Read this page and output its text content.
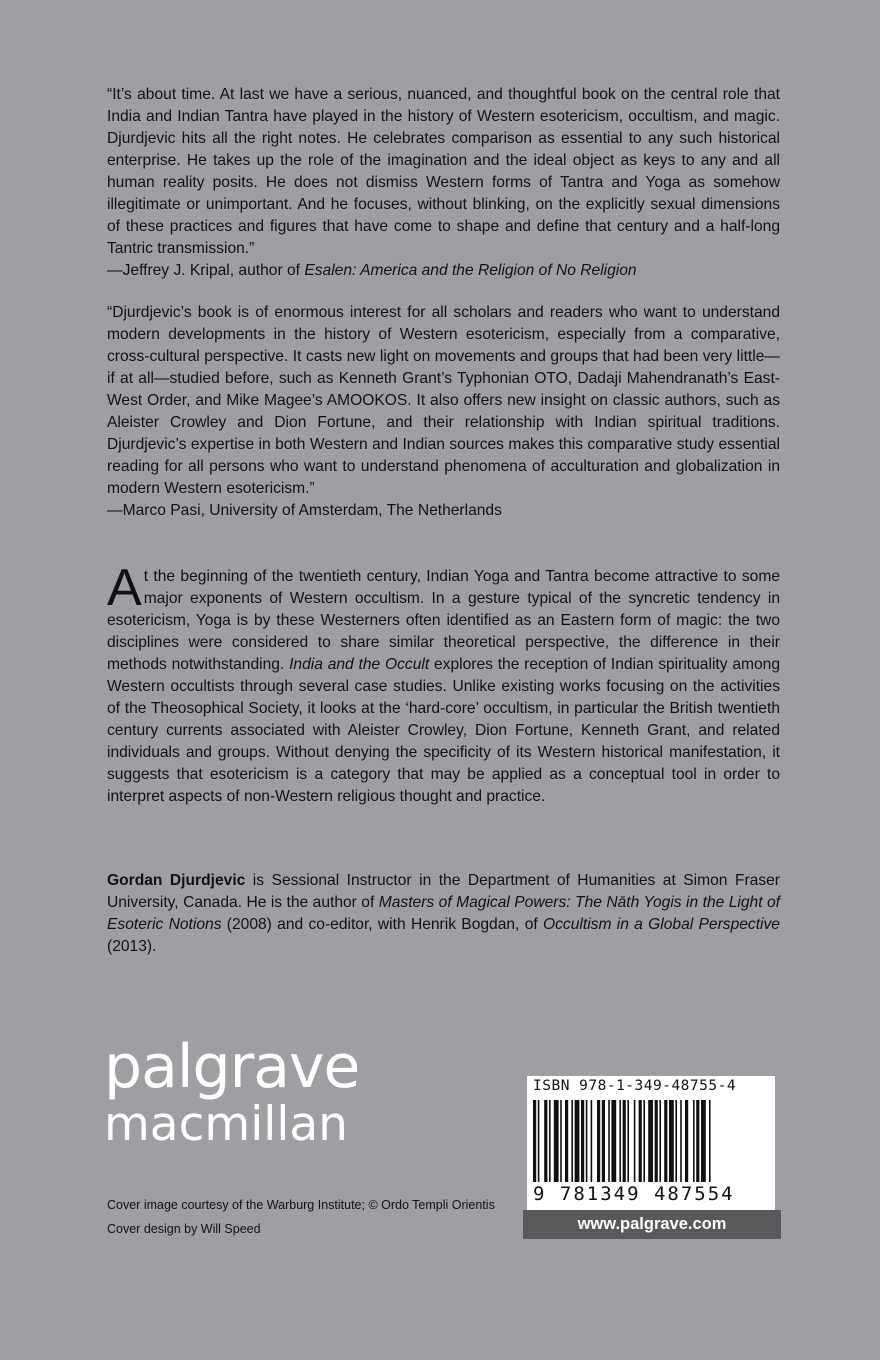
“It’s about time. At last we have a serious, nuanced, and thoughtful book on the central role that India and Indian Tantra have played in the history of Western esotericism, occultism, and magic. Djurdjevic hits all the right notes. He celebrates comparison as essential to any such historical enterprise. He takes up the role of the imagination and the ideal object as keys to any and all human reality posits. He does not dismiss Western forms of Tantra and Yoga as somehow illegitimate or unimportant. And he focuses, without blinking, on the explicitly sexual dimensions of these practices and figures that have come to shape and define that century and a half-long Tantric transmission.”

—Jeffrey J. Kripal, author of Esalen: America and the Religion of No Religion

“Djurdjevic’s book is of enormous interest for all scholars and readers who want to understand modern developments in the history of Western esotericism, especially from a comparative, cross-cultural perspective. It casts new light on movements and groups that had been very little—if at all—studied before, such as Kenneth Grant’s Typhonian OTO, Dadaji Mahendranath’s East-West Order, and Mike Magee’s AMOOKOS. It also offers new insight on classic authors, such as Aleister Crowley and Dion Fortune, and their relationship with Indian spiritual traditions. Djurdjevic’s expertise in both Western and Indian sources makes this comparative study essential reading for all persons who want to understand phenomena of acculturation and globalization in modern Western esotericism.”

—Marco Pasi, University of Amsterdam, The Netherlands

At the beginning of the twentieth century, Indian Yoga and Tantra become attractive to some major exponents of Western occultism. In a gesture typical of the syncretic tendency in esotericism, Yoga is by these Westerners often identified as an Eastern form of magic: the two disciplines were considered to share similar theoretical perspective, the difference in their methods notwithstanding. India and the Occult explores the reception of Indian spirituality among Western occultists through several case studies. Unlike existing works focusing on the activities of the Theosophical Society, it looks at the ‘hard-core’ occultism, in particular the British twentieth century currents associated with Aleister Crowley, Dion Fortune, Kenneth Grant, and related individuals and groups. Without denying the specificity of its Western historical manifestation, it suggests that esotericism is a category that may be applied as a conceptual tool in order to interpret aspects of non-Western religious thought and practice.

Gordan Djurdjevic is Sessional Instructor in the Department of Humanities at Simon Fraser University, Canada. He is the author of Masters of Magical Powers: The Nāth Yogis in the Light of Esoteric Notions (2008) and co-editor, with Henrik Bogdan, of Occultism in a Global Perspective (2013).

palgrave
macmillan
Cover image courtesy of the Warburg Institute; © Ordo Templi Orientis
Cover design by Will Speed
ISBN 978-1-349-48755-4
9 781349 487554
www.palgrave.com
